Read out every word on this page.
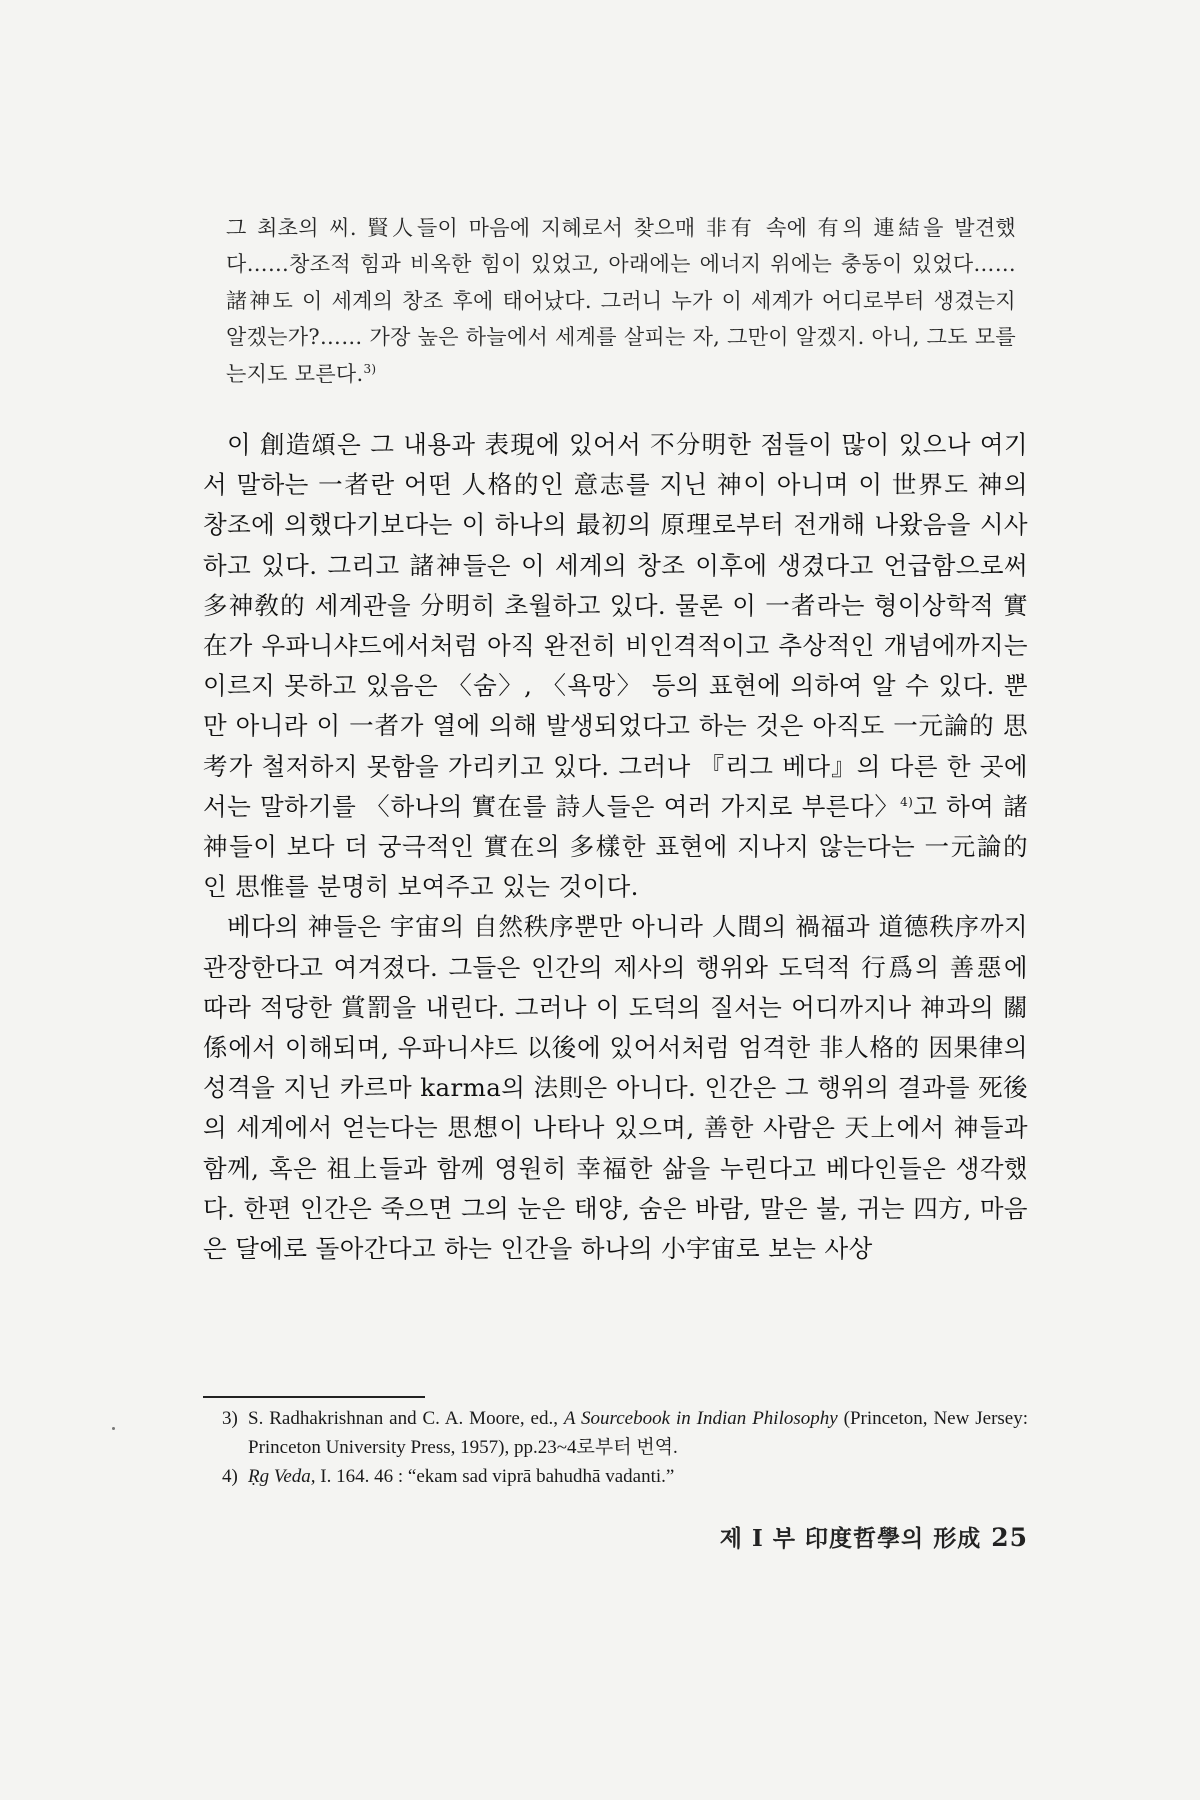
그 최초의 씨. 賢人들이 마음에 지혜로서 찾으매 非有 속에 有의 連結을 발견했다……창조적 힘과 비옥한 힘이 있었고, 아래에는 에너지 위에는 충동이 있었다……諸神도 이 세계의 창조 후에 태어났다. 그러니 누가 이 세계가 어디로부터 생겼는지 알겠는가?…… 가장 높은 하늘에서 세계를 살피는 자, 그만이 알겠지. 아니, 그도 모를는지도 모른다.$^{3)}$

이 創造頌은 그 내용과 表現에 있어서 不分明한 점들이 많이 있으나 여기서 말하는 一者란 어떤 人格的인 意志를 지닌 神이 아니며 이 世界도 神의 창조에 의했다기보다는 이 하나의 最初의 原理로부터 전개해 나왔음을 시사하고 있다. 그리고 諸神들은 이 세계의 창조 이후에 생겼다고 언급함으로써 多神敎的 세계관을 分明히 초월하고 있다. 물론 이 一者라는 형이상학적 實在가 우파니샤드에서처럼 아직 완전히 비인격적이고 추상적인 개념에까지는 이르지 못하고 있음은 〈숨〉, 〈욕망〉 등의 표현에 의하여 알 수 있다. 뿐만 아니라 이 一者가 열에 의해 발생되었다고 하는 것은 아직도 一元論的 思考가 철저하지 못함을 가리키고 있다. 그러나 『리그 베다』의 다른 한 곳에서는 말하기를 〈하나의 實在를 詩人들은 여러 가지로 부른다〉$^{4)}$고 하여 諸神들이 보다 더 궁극적인 實在의 多樣한 표현에 지나지 않는다는 一元論的인 思惟를 분명히 보여주고 있는 것이다.

베다의 神들은 宇宙의 自然秩序뿐만 아니라 人間의 禍福과 道德秩序까지 관장한다고 여겨졌다. 그들은 인간의 제사의 행위와 도덕적 行爲의 善惡에 따라 적당한 賞罰을 내린다. 그러나 이 도덕의 질서는 어디까지나 神과의 關係에서 이해되며, 우파니샤드 以後에 있어서처럼 엄격한 非人格的 因果律의 성격을 지닌 카르마 karma의 法則은 아니다. 인간은 그 행위의 결과를 死後의 세계에서 얻는다는 思想이 나타나 있으며, 善한 사람은 天上에서 神들과 함께, 혹은 祖上들과 함께 영원히 幸福한 삶을 누린다고 베다인들은 생각했다. 한편 인간은 죽으면 그의 눈은 태양, 숨은 바람, 말은 불, 귀는 四方, 마음은 달에로 돌아간다고 하는 인간을 하나의 小宇宙로 보는 사상

3) S. Radhakrishnan and C. A. Moore, ed., A Sourcebook in Indian Philosophy (Princeton, New Jersey: Princeton University Press, 1957), pp.23~4로부터 번역.

4) Ṛg Veda, I. 164. 46 : “ekam sad viprā bahudhā vadanti.”

제 I 부 印度哲學의 形成 25
